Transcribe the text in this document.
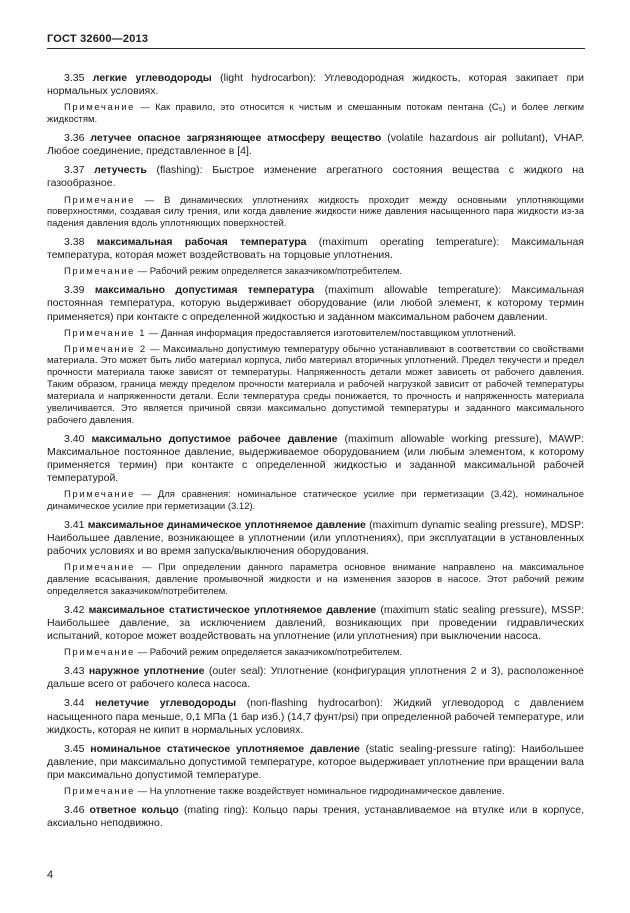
ГОСТ 32600—2013

3.35 легкие углеводороды (light hydrocarbon): Углеводородная жидкость, которая закипает при нормальных условиях.

Примечание — Как правило, это относится к чистым и смешанным потокам пентана (C₅) и более легким жидкостям.

3.36 летучее опасное загрязняющее атмосферу вещество (volatile hazardous air pollutant), VHAP. Любое соединение, представленное в [4].

3.37 летучесть (flashing): Быстрое изменение агрегатного состояния вещества с жидкого на газообразное.

Примечание — В динамических уплотнениях жидкость проходит между основными уплотняющими поверхностями, создавая силу трения, или когда давление жидкости ниже давления насыщенного пара жидкости из-за падения давления вдоль уплотняющих поверхностей.

3.38 максимальная рабочая температура (maximum operating temperature): Максимальная температура, которая может воздействовать на торцовые уплотнения.

Примечание — Рабочий режим определяется заказчиком/потребителем.

3.39 максимально допустимая температура (maximum allowable temperature): Максимальная постоянная температура, которую выдерживает оборудование (или любой элемент, к которому термин применяется) при контакте с определенной жидкостью и заданном максимальном рабочем давлении.

Примечание 1 — Данная информация предоставляется изготовителем/поставщиком уплотнений.

Примечание 2 — Максимально допустимую температуру обычно устанавливают в соответствии со свойствами материала. Это может быть либо материал корпуса, либо материал вторичных уплотнений. Предел текучести и предел прочности материала также зависят от температуры. Напряженность детали может зависеть от рабочего давления. Таким образом, граница между пределом прочности материала и рабочей нагрузкой зависит от рабочей температуры материала и напряженности детали. Если температура среды понижается, то прочность и напряженность материала увеличивается. Это является причиной связи максимально допустимой температуры и заданного максимального рабочего давления.

3.40 максимально допустимое рабочее давление (maximum allowable working pressure), MAWP: Максимальное постоянное давление, выдерживаемое оборудованием (или любым элементом, к которому применяется термин) при контакте с определенной жидкостью и заданной максимальной рабочей температурой.

Примечание — Для сравнения: номинальное статическое усилие при герметизации (3.42), номинальное динамическое усилие при герметизации (3.12).

3.41 максимальное динамическое уплотняемое давление (maximum dynamic sealing pressure), MDSP: Наибольшее давление, возникающее в уплотнении (или уплотнениях), при эксплуатации в установленных рабочих условиях и во время запуска/выключения оборудования.

Примечание — При определении данного параметра основное внимание направлено на максимальное давление всасывания, давление промывочной жидкости и на изменения зазоров в насосе. Этот рабочий режим определяется заказчиком/потребителем.

3.42 максимальное статистическое уплотняемое давление (maximum static sealing pressure), MSSP: Наибольшее давление, за исключением давлений, возникающих при проведении гидравлических испытаний, которое может воздействовать на уплотнение (или уплотнения) при выключении насоса.

Примечание — Рабочий режим определяется заказчиком/потребителем.

3.43 наружное уплотнение (outer seal): Уплотнение (конфигурация уплотнения 2 и 3), расположенное дальше всего от рабочего колеса насоса.

3.44 нелетучие углеводороды (non-flashing hydrocarbon): Жидкий углеводород с давлением насыщенного пара меньше, 0,1 МПа (1 бар изб.) (14,7 фунт/psi) при определенной рабочей температуре, или жидкость, которая не кипит в нормальных условиях.

3.45 номинальное статическое уплотняемое давление (static sealing-pressure rating): Наибольшее давление, при максимально допустимой температуре, которое выдерживает уплотнение при вращении вала при максимально допустимой температуре.

Примечание — На уплотнение также воздействует номинальное гидродинамическое давление.

3.46 ответное кольцо (mating ring): Кольцо пары трения, устанавливаемое на втулке или в корпусе, аксиально неподвижно.

4
